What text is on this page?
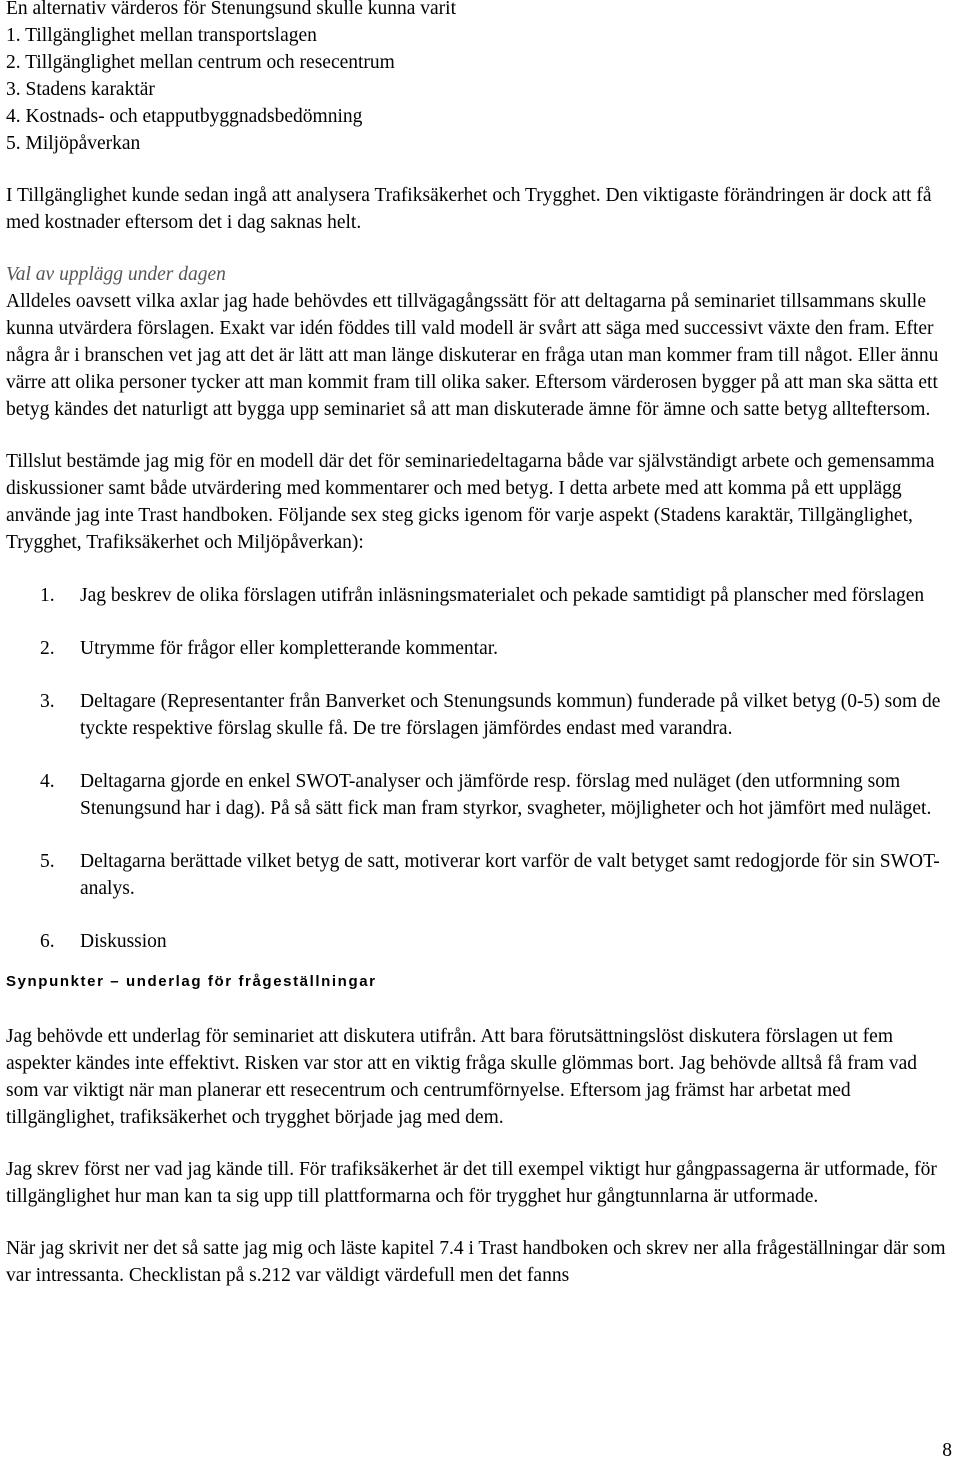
En alternativ värderos för Stenungsund skulle kunna varit
1. Tillgänglighet mellan transportslagen
2. Tillgänglighet mellan centrum och resecentrum
3. Stadens karaktär
4. Kostnads- och etapputbyggnadsbedömning
5. Miljöpåverkan

I Tillgänglighet kunde sedan ingå att analysera Trafiksäkerhet och Trygghet. Den viktigaste förändringen är dock att få med kostnader eftersom det i dag saknas helt.

Val av upplägg under dagen

Alldeles oavsett vilka axlar jag hade behövdes ett tillvägagångssätt för att deltagarna på seminariet tillsammans skulle kunna utvärdera förslagen. Exakt var idén föddes till vald modell är svårt att säga med successivt växte den fram. Efter några år i branschen vet jag att det är lätt att man länge diskuterar en fråga utan man kommer fram till något. Eller ännu värre att olika personer tycker att man kommit fram till olika saker. Eftersom värderosen bygger på att man ska sätta ett betyg kändes det naturligt att bygga upp seminariet så att man diskuterade ämne för ämne och satte betyg allteftersom.

Tillslut bestämde jag mig för en modell där det för seminariedeltagarna både var självständigt arbete och gemensamma diskussioner samt både utvärdering med kommentarer och med betyg. I detta arbete med att komma på ett upplägg använde jag inte Trast handboken. Följande sex steg gicks igenom för varje aspekt (Stadens karaktär, Tillgänglighet, Trygghet, Trafiksäkerhet och Miljöpåverkan):

1. Jag beskrev de olika förslagen utifrån inläsningsmaterialet och pekade samtidigt på planscher med förslagen
2. Utrymme för frågor eller kompletterande kommentar.
3. Deltagare (Representanter från Banverket och Stenungsunds kommun) funderade på vilket betyg (0-5) som de tyckte respektive förslag skulle få. De tre förslagen jämfördes endast med varandra.
4. Deltagarna gjorde en enkel SWOT-analyser och jämförde resp. förslag med nuläget (den utformning som Stenungsund har i dag). På så sätt fick man fram styrkor, svagheter, möjligheter och hot jämfört med nuläget.
5. Deltagarna berättade vilket betyg de satt, motiverar kort varför de valt betyget samt redogjorde för sin SWOT-analys.
6. Diskussion
Synpunkter – underlag för frågeställningar

Jag behövde ett underlag för seminariet att diskutera utifrån. Att bara förutsättningslöst diskutera förslagen ut fem aspekter kändes inte effektivt. Risken var stor att en viktig fråga skulle glömmas bort. Jag behövde alltså få fram vad som var viktigt när man planerar ett resecentrum och centrumförnyelse. Eftersom jag främst har arbetat med tillgänglighet, trafiksäkerhet och trygghet började jag med dem.

Jag skrev först ner vad jag kände till. För trafiksäkerhet är det till exempel viktigt hur gångpassagerna är utformade, för tillgänglighet hur man kan ta sig upp till plattformarna och för trygghet hur gångtunnlarna är utformade.

När jag skrivit ner det så satte jag mig och läste kapitel 7.4 i Trast handboken och skrev ner alla frågeställningar där som var intressanta. Checklistan på s.212 var väldigt värdefull men det fanns

8
